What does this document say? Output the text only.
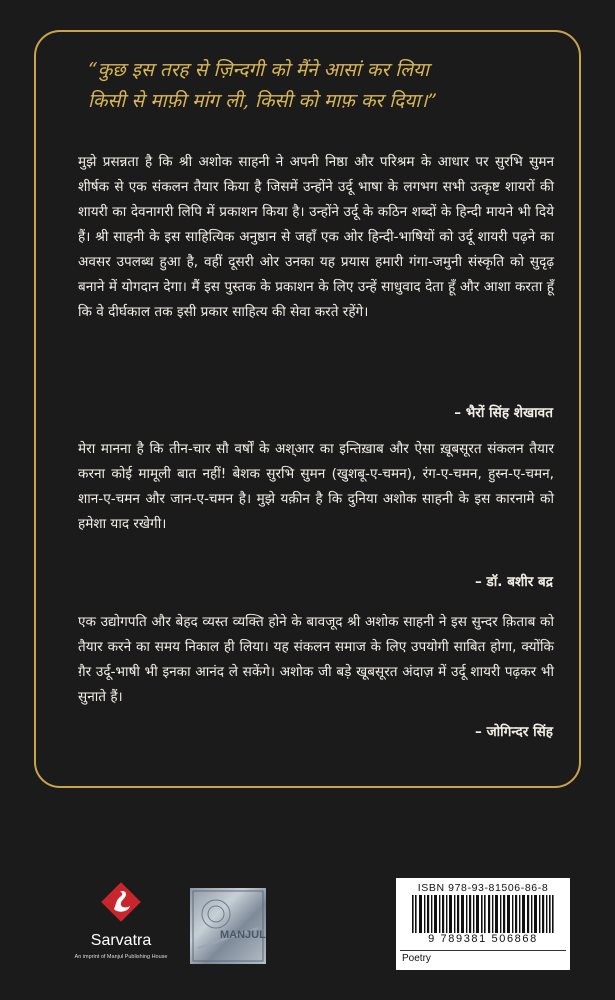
“कुछ इस तरह से ज़िन्दगी को मैंने आसां कर लिया
किसी से माफ़ी मांग ली, किसी को माफ़ कर दिया।”
मुझे प्रसन्नता है कि श्री अशोक साहनी ने अपनी निष्ठा और परिश्रम के आधार पर सुरभि सुमन शीर्षक से एक संकलन तैयार किया है जिसमें उन्होंने उर्दू भाषा के लगभग सभी उत्कृष्ट शायरों की शायरी का देवनागरी लिपि में प्रकाशन किया है। उन्होंने उर्दू के कठिन शब्दों के हिन्दी मायने भी दिये हैं। श्री साहनी के इस साहित्यिक अनुष्ठान से जहाँ एक ओर हिन्दी-भाषियों को उर्दू शायरी पढ़ने का अवसर उपलब्ध हुआ है, वहीं दूसरी ओर उनका यह प्रयास हमारी गंगा-जमुनी संस्कृति को सुदृढ़ बनाने में योगदान देगा। मैं इस पुस्तक के प्रकाशन के लिए उन्हें साधुवाद देता हूँ और आशा करता हूँ कि वे दीर्घकाल तक इसी प्रकार साहित्य की सेवा करते रहेंगे।
– भैरों सिंह शेखावत
मेरा मानना है कि तीन-चार सौ वर्षों के अश्आर का इन्तिख़ाब और ऐसा ख़ूबसूरत संकलन तैयार करना कोई मामूली बात नहीं! बेशक सुरभि सुमन (खुशबू-ए-चमन), रंग-ए-चमन, हुस्न-ए-चमन, शान-ए-चमन और जान-ए-चमन है। मुझे यक़ीन है कि दुनिया अशोक साहनी के इस कारनामे को हमेशा याद रखेगी।
– डॉ. बशीर बद्र
एक उद्योगपति और बेहद व्यस्त व्यक्ति होने के बावजूद श्री अशोक साहनी ने इस सुन्दर क़िताब को तैयार करने का समय निकाल ही लिया। यह संकलन समाज के लिए उपयोगी साबित होगा, क्योंकि ग़ैर उर्दू-भाषी भी इनका आनंद ले सकेंगे। अशोक जी बड़े खूबसूरत अंदाज़ में उर्दू शायरी पढ़कर भी सुनाते हैं।
– जोगिन्दर सिंह
Sarvatra
An imprint of Manjul Publishing House
MANJUL
ISBN 978-93-81506-86-8
9 789381 506868
Poetry
